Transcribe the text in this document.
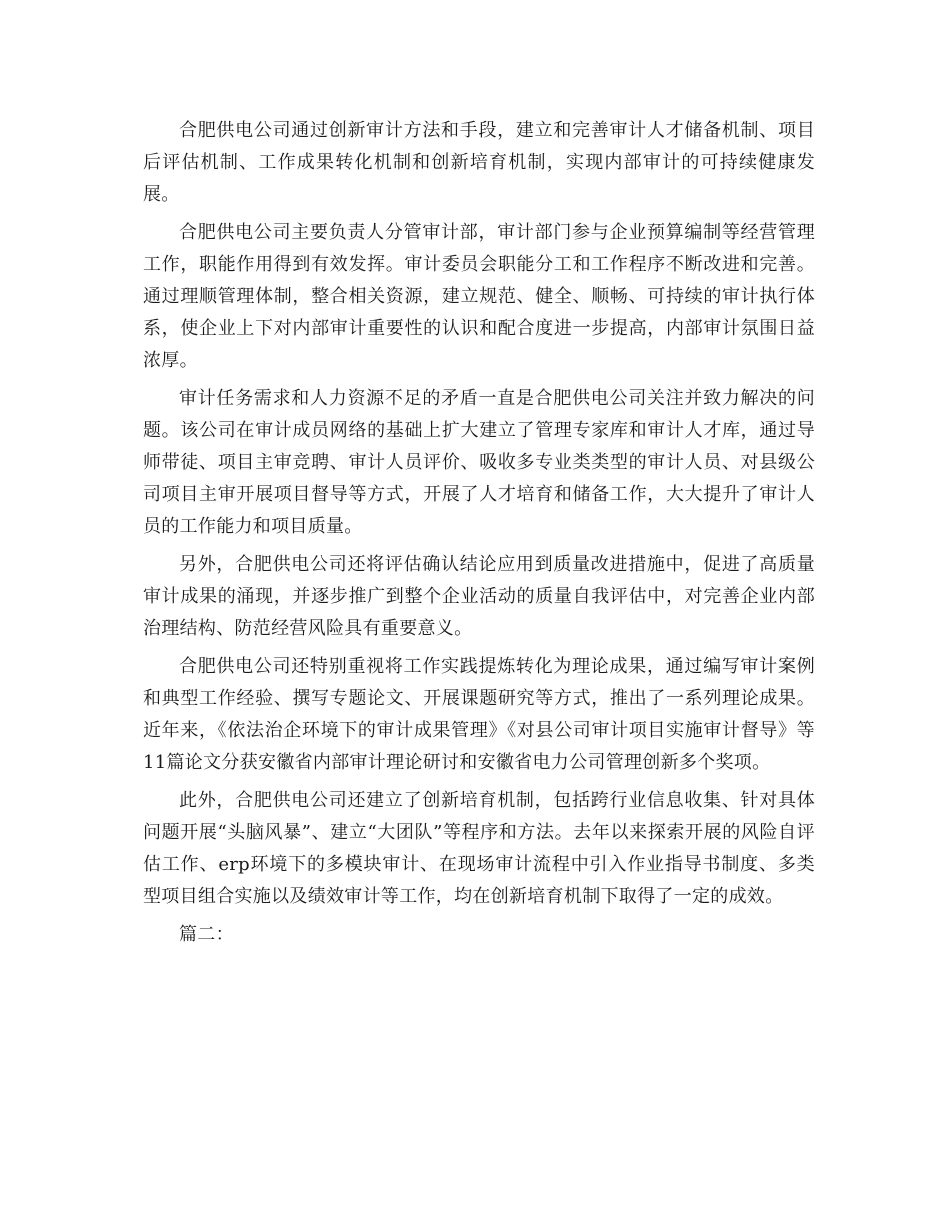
合肥供电公司通过创新审计方法和手段，建立和完善审计人才储备机制、项目后评估机制、工作成果转化机制和创新培育机制，实现内部审计的可持续健康发展。

合肥供电公司主要负责人分管审计部，审计部门参与企业预算编制等经营管理工作，职能作用得到有效发挥。审计委员会职能分工和工作程序不断改进和完善。通过理顺管理体制，整合相关资源，建立规范、健全、顺畅、可持续的审计执行体系，使企业上下对内部审计重要性的认识和配合度进一步提高，内部审计氛围日益浓厚。

审计任务需求和人力资源不足的矛盾一直是合肥供电公司关注并致力解决的问题。该公司在审计成员网络的基础上扩大建立了管理专家库和审计人才库，通过导师带徒、项目主审竞聘、审计人员评价、吸收多专业类类型的审计人员、对县级公司项目主审开展项目督导等方式，开展了人才培育和储备工作，大大提升了审计人员的工作能力和项目质量。

另外，合肥供电公司还将评估确认结论应用到质量改进措施中，促进了高质量审计成果的涌现，并逐步推广到整个企业活动的质量自我评估中，对完善企业内部治理结构、防范经营风险具有重要意义。

合肥供电公司还特别重视将工作实践提炼转化为理论成果，通过编写审计案例和典型工作经验、撰写专题论文、开展课题研究等方式，推出了一系列理论成果。近年来，《依法治企环境下的审计成果管理》《对县公司审计项目实施审计督导》等11篇论文分获安徽省内部审计理论研讨和安徽省电力公司管理创新多个奖项。

此外，合肥供电公司还建立了创新培育机制，包括跨行业信息收集、针对具体问题开展“头脑风暴”、建立“大团队”等程序和方法。去年以来探索开展的风险自评估工作、erp环境下的多模块审计、在现场审计流程中引入作业指导书制度、多类型项目组合实施以及绩效审计等工作，均在创新培育机制下取得了一定的成效。

篇二：
